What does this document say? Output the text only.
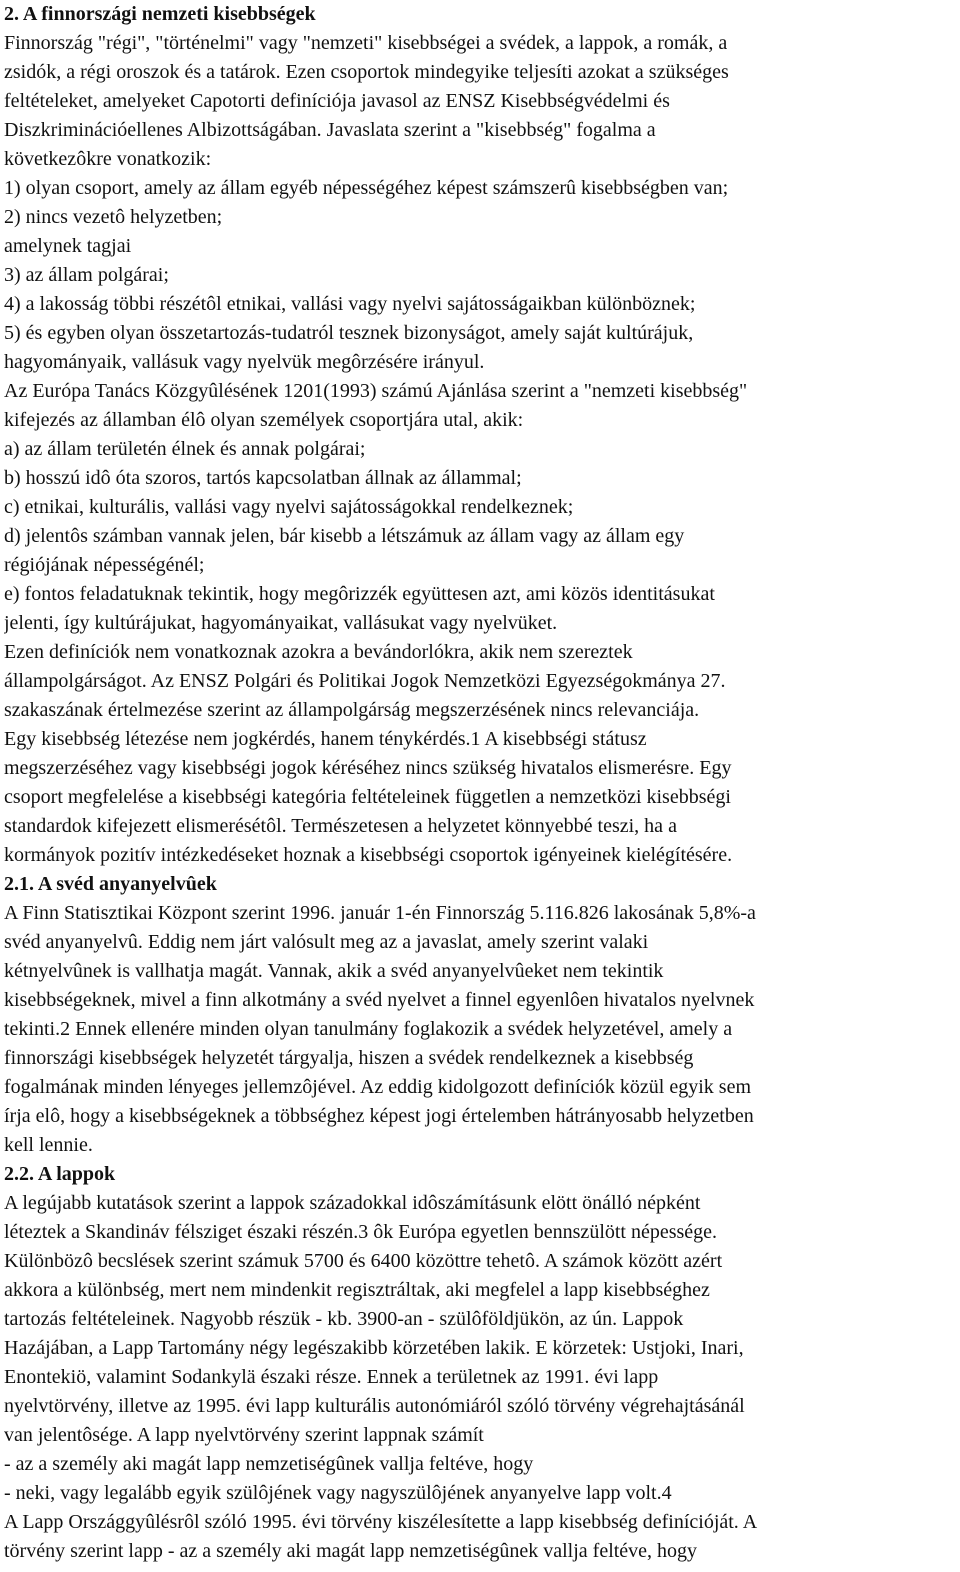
2. A finnországi nemzeti kisebbségek
Finnország "régi", "történelmi" vagy "nemzeti" kisebbségei a svédek, a lappok, a romák, a
zsidók, a régi oroszok és a tatárok. Ezen csoportok mindegyike teljesíti azokat a szükséges
feltételeket, amelyeket Capotorti definíciója javasol az ENSZ Kisebbségvédelmi és
Diszkriminációellenes Albizottságában. Javaslata szerint a "kisebbség" fogalma a
következôkre vonatkozik:
1) olyan csoport, amely az állam egyéb népességéhez képest számszerû kisebbségben van;
2) nincs vezetô helyzetben;
amelynek tagjai
3) az állam polgárai;
4) a lakosság többi részétôl etnikai, vallási vagy nyelvi sajátosságaikban különböznek;
5) és egyben olyan összetartozás-tudatról tesznek bizonyságot, amely saját kultúrájuk,
hagyományaik, vallásuk vagy nyelvük megôrzésére irányul.
Az Európa Tanács Közgyûlésének 1201(1993) számú Ajánlása szerint a "nemzeti kisebbség"
kifejezés az államban élô olyan személyek csoportjára utal, akik:
a) az állam területén élnek és annak polgárai;
b) hosszú idô óta szoros, tartós kapcsolatban állnak az állammal;
c) etnikai, kulturális, vallási vagy nyelvi sajátosságokkal rendelkeznek;
d) jelentôs számban vannak jelen, bár kisebb a létszámuk az állam vagy az állam egy
régiójának népességénél;
e) fontos feladatuknak tekintik, hogy megôrizzék együttesen azt, ami közös identitásukat
jelenti, így kultúrájukat, hagyományaikat, vallásukat vagy nyelvüket.
Ezen definíciók nem vonatkoznak azokra a bevándorlókra, akik nem szereztek
állampolgárságot. Az ENSZ Polgári és Politikai Jogok Nemzetközi Egyezségokmánya 27.
szakaszának értelmezése szerint az állampolgárság megszerzésének nincs relevanciája.
Egy kisebbség létezése nem jogkérdés, hanem ténykérdés.1 A kisebbségi státusz
megszerzéséhez vagy kisebbségi jogok kéréséhez nincs szükség hivatalos elismerésre. Egy
csoport megfelelése a kisebbségi kategória feltételeinek független a nemzetközi kisebbségi
standardok kifejezett elismerésétôl. Természetesen a helyzetet könnyebbé teszi, ha a
kormányok pozitív intézkedéseket hoznak a kisebbségi csoportok igényeinek kielégítésére.
2.1. A svéd anyanyelvûek
A Finn Statisztikai Központ szerint 1996. január 1-én Finnország 5.116.826 lakosának 5,8%-a
svéd anyanyelvû. Eddig nem járt valósult meg az a javaslat, amely szerint valaki
kétnyelvûnek is vallhatja magát. Vannak, akik a svéd anyanyelvûeket nem tekintik
kisebbségeknek, mivel a finn alkotmány a svéd nyelvet a finnel egyenlôen hivatalos nyelvnek
tekinti.2 Ennek ellenére minden olyan tanulmány foglakozik a svédek helyzetével, amely a
finnországi kisebbségek helyzetét tárgyalja, hiszen a svédek rendelkeznek a kisebbség
fogalmának minden lényeges jellemzôjével. Az eddig kidolgozott definíciók közül egyik sem
írja elô, hogy a kisebbségeknek a többséghez képest jogi értelemben hátrányosabb helyzetben
kell lennie.
2.2. A lappok
A legújabb kutatások szerint a lappok századokkal idôszámításunk elött önálló népként
léteztek a Skandináv félsziget északi részén.3 ôk Európa egyetlen bennszülött népessége.
Különbözô becslések szerint számuk 5700 és 6400 közöttre tehetô. A számok között azért
akkora a különbség, mert nem mindenkit regisztráltak, aki megfelel a lapp kisebbséghez
tartozás feltételeinek. Nagyobb részük - kb. 3900-an - szülôföldjükön, az ún. Lappok
Hazájában, a Lapp Tartomány négy legészakibb körzetében lakik. E körzetek: Ustjoki, Inari,
Enontekiö, valamint Sodankylä északi része. Ennek a területnek az 1991. évi lapp
nyelvtörvény, illetve az 1995. évi lapp kulturális autonómiáról szóló törvény végrehajtásánál
van jelentôsége. A lapp nyelvtörvény szerint lappnak számít
- az a személy aki magát lapp nemzetiségûnek vallja feltéve, hogy
- neki, vagy legalább egyik szülôjének vagy nagyszülôjének anyanyelve lapp volt.4
A Lapp Országgyûlésrôl szóló 1995. évi törvény kiszélesítette a lapp kisebbség definícióját. A
törvény szerint lapp - az a személy aki magát lapp nemzetiségûnek vallja feltéve, hogy
